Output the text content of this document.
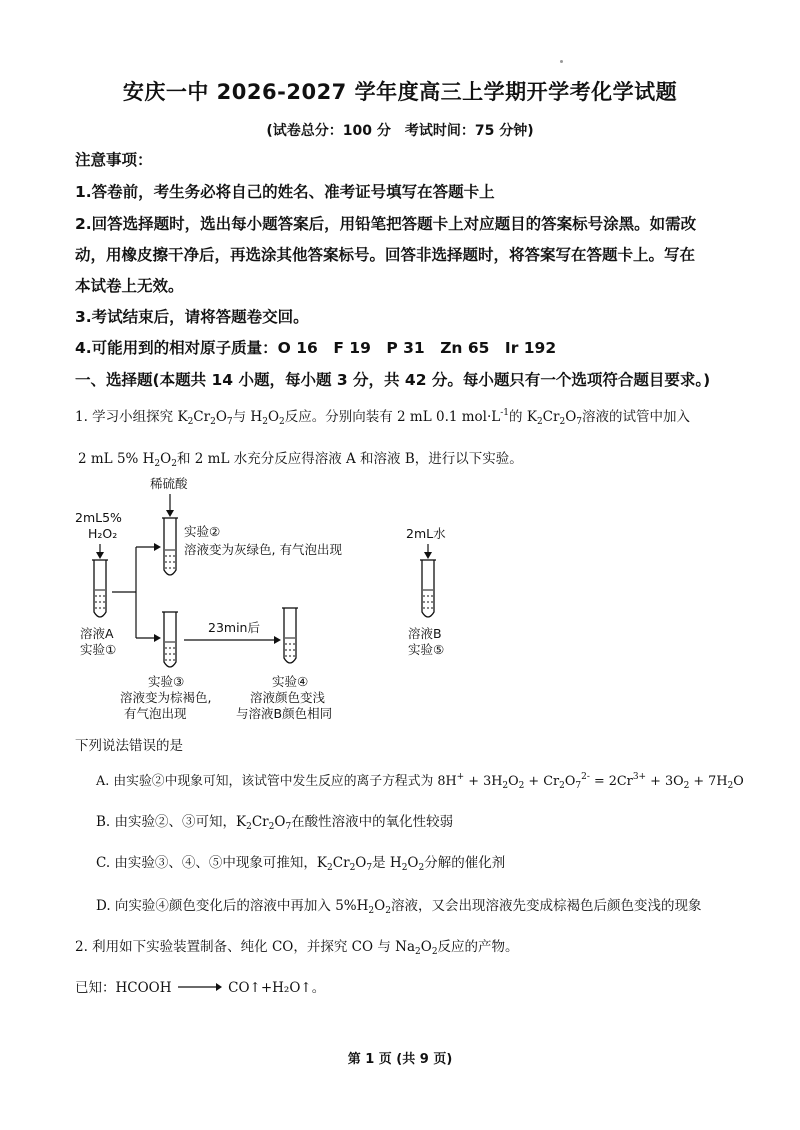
安庆一中 2026-2027 学年度高三上学期开学考化学试题
(试卷总分：100 分　考试时间：75 分钟)
注意事项：
1.答卷前，考生务必将自己的姓名、准考证号填写在答题卡上
2.回答选择题时，选出每小题答案后，用铅笔把答题卡上对应题目的答案标号涂黑。如需改
动，用橡皮擦干净后，再选涂其他答案标号。回答非选择题时，将答案写在答题卡上。写在
本试卷上无效。
3.考试结束后，请将答题卷交回。
4.可能用到的相对原子质量：O 16　F 19　P 31　Zn 65　Ir 192
一、选择题(本题共 14 小题，每小题 3 分，共 42 分。每小题只有一个选项符合题目要求。)
1. 学习小组探究 $K_2Cr_2O_7$与 $H_2O_2$反应。分别向装有 2 mL 0.1 $mol\cdot L^{-1}$的 $K_2Cr_2O_7$溶液的试管中加入
2 mL 5% $H_2O_2$和 2 mL 水充分反应得溶液 A 和溶液 B，进行以下实验。
稀硫酸
2mL5%
H₂O₂
溶液A
实验①
实验②
溶液变为灰绿色, 有气泡出现
实验③
溶液变为棕褐色,
有气泡出现
23min后
实验④
溶液颜色变浅
与溶液B颜色相同
2mL水
溶液B
实验⑤
下列说法错误的是
A. 由实验②中现象可知，该试管中发生反应的离子方程式为 $8H^+ + 3H_2O_2 + Cr_2O_7^{2-} = 2Cr^{3+} + 3O_2 + 7H_2O$
B. 由实验②、③可知，$K_2Cr_2O_7$在酸性溶液中的氧化性较弱
C. 由实验③、④、⑤中现象可推知，$K_2Cr_2O_7$是 $H_2O_2$分解的催化剂
D. 向实验④颜色变化后的溶液中再加入 $5\%H_2O_2$溶液，又会出现溶液先变成棕褐色后颜色变浅的现象
2. 利用如下实验装置制备、纯化 CO，并探究 CO 与 $Na_2O_2$反应的产物。
已知：HCOOH	CO↑+H₂O↑。
第 1 页 (共 9 页)
